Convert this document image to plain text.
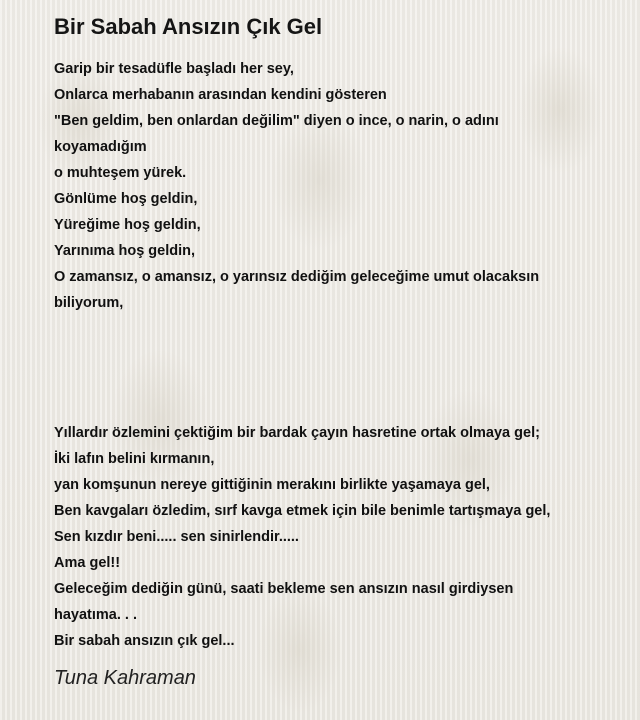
Bir Sabah Ansızın Çık Gel

Garip bir tesadüfle başladı her sey,
Onlarca merhabanın arasından kendini gösteren
"Ben geldim, ben onlardan değilim" diyen o ince, o narin, o adını
koyamadığım
o muhteşem yürek.
Gönlüme hoş geldin,
Yüreğime hoş geldin,
Yarınıma hoş geldin,
O zamansız, o amansız, o yarınsız dediğim geleceğime umut olacaksın
biliyorum,

Yıllardır özlemini çektiğim bir bardak çayın hasretine ortak olmaya gel;
İki lafın belini kırmanın,
yan komşunun nereye gittiğinin merakını birlikte yaşamaya gel,
Ben kavgaları özledim, sırf kavga etmek için bile benimle tartışmaya gel,
Sen kızdır beni..... sen sinirlendir.....
Ama gel!!
Geleceğim dediğin günü, saati bekleme sen ansızın nasıl girdiysen
hayatıma. . .
Bir sabah ansızın çık gel...

Tuna Kahraman
